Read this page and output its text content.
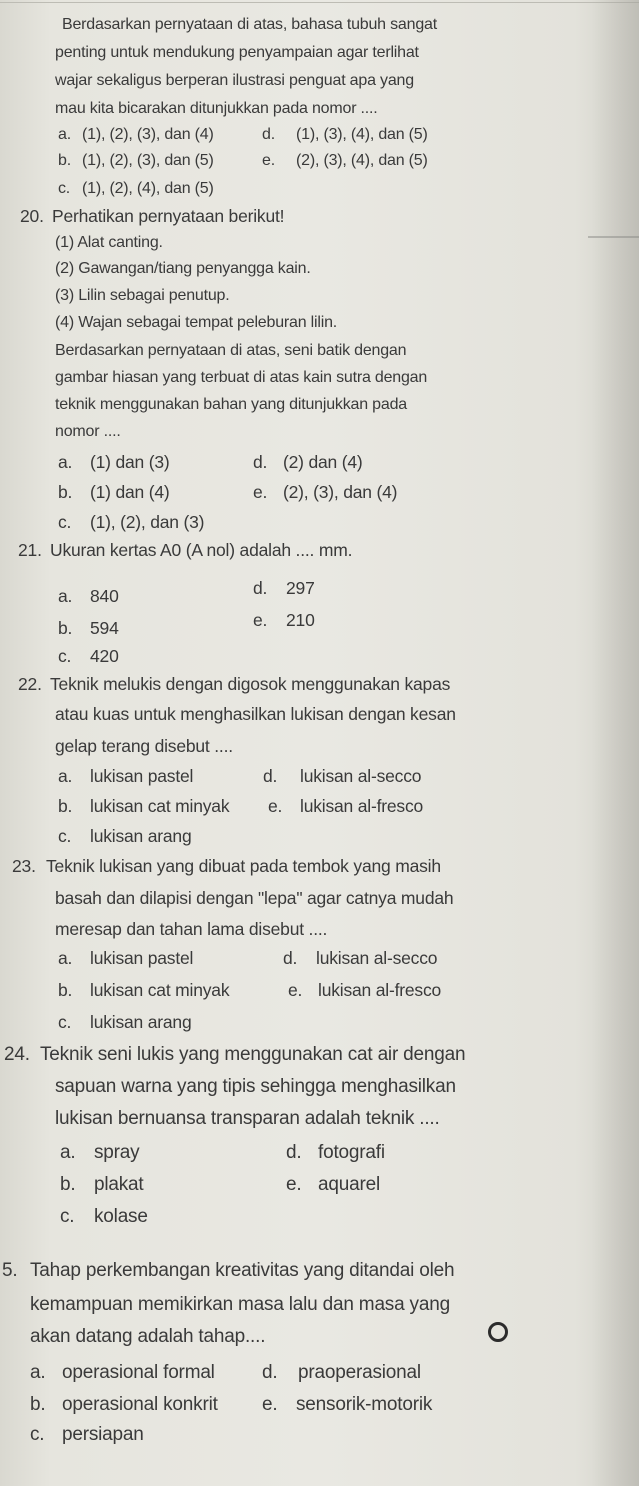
Berdasarkan pernyataan di atas, bahasa tubuh sangat
penting untuk mendukung penyampaian agar terlihat
wajar sekaligus berperan ilustrasi penguat apa yang
mau kita bicarakan ditunjukkan pada nomor ....
a. (1), (2), (3), dan (4)	d. (1), (3), (4), dan (5)
b. (1), (2), (3), dan (5)	e. (2), (3), (4), dan (5)
c. (1), (2), (4), dan (5)
20. Perhatikan pernyataan berikut!
(1) Alat canting.
(2) Gawangan/tiang penyangga kain.
(3) Lilin sebagai penutup.
(4) Wajan sebagai tempat peleburan lilin.
Berdasarkan pernyataan di atas, seni batik dengan
gambar hiasan yang terbuat di atas kain sutra dengan
teknik menggunakan bahan yang ditunjukkan pada
nomor ....
a. (1) dan (3)	d. (2) dan (4)
b. (1) dan (4)	e. (2), (3), dan (4)
c. (1), (2), dan (3)
21. Ukuran kertas A0 (A nol) adalah .... mm.
a. 840	d. 297
b. 594	e. 210
c. 420
22. Teknik melukis dengan digosok menggunakan kapas
atau kuas untuk menghasilkan lukisan dengan kesan
gelap terang disebut ....
a. lukisan pastel	d. lukisan al-secco
b. lukisan cat minyak e. lukisan al-fresco
c. lukisan arang
23. Teknik lukisan yang dibuat pada tembok yang masih
basah dan dilapisi dengan "lepa" agar catnya mudah
meresap dan tahan lama disebut ....
a. lukisan pastel	d. lukisan al-secco
b. lukisan cat minyak	e. lukisan al-fresco
c. lukisan arang
24. Teknik seni lukis yang menggunakan cat air dengan
sapuan warna yang tipis sehingga menghasilkan
lukisan bernuansa transparan adalah teknik ....
a. spray	d. fotografi
b. plakat	e. aquarel
c. kolase
5. Tahap perkembangan kreativitas yang ditandai oleh
kemampuan memikirkan masa lalu dan masa yang
akan datang adalah tahap....
a. operasional formal d. praoperasional
b. operasional konkrit e. sensorik-motorik
c. persiapan
